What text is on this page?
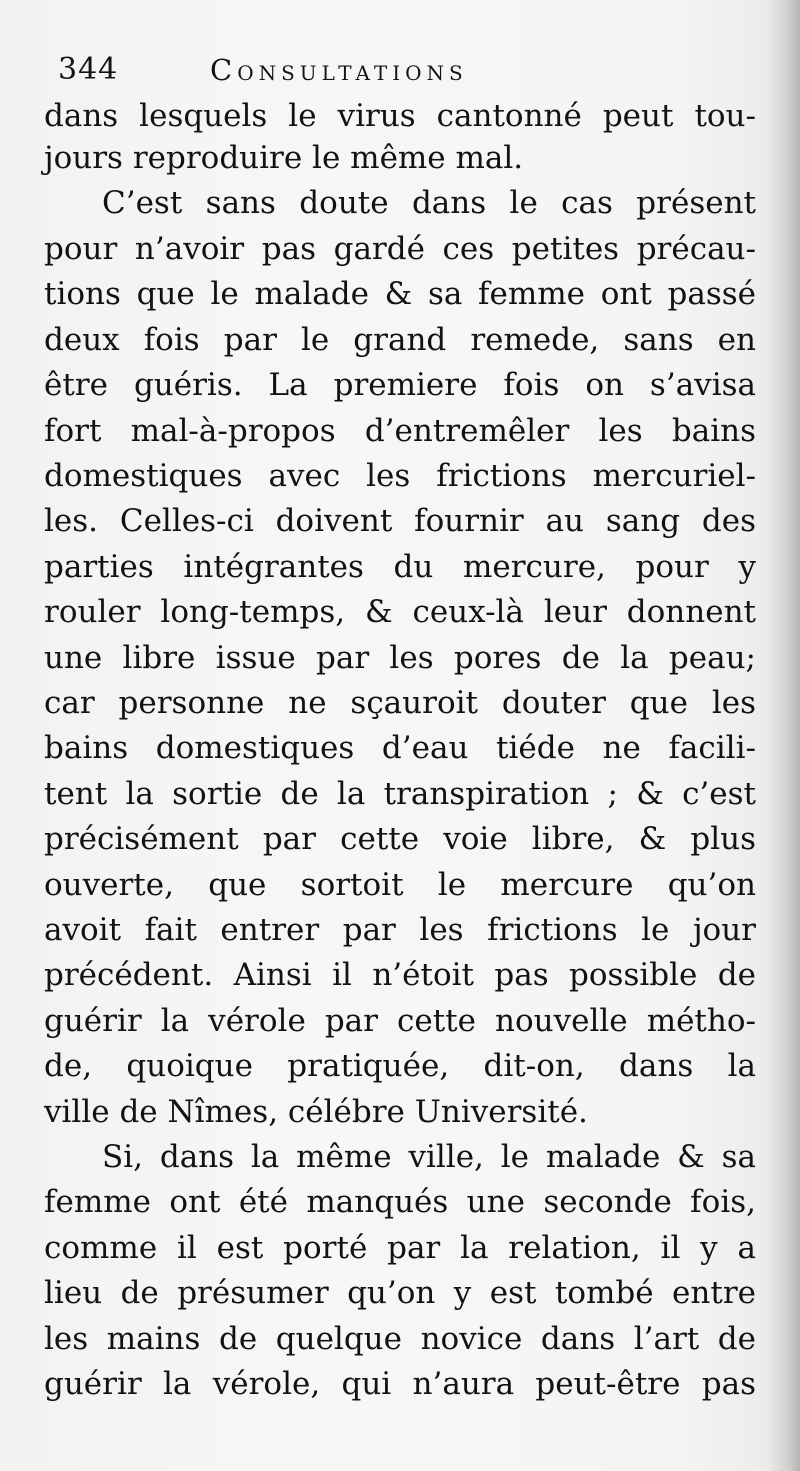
344	Consultations
dans lesquels le virus cantonné peut tou-
jours reproduire le même mal.
C’est sans doute dans le cas présent
pour n’avoir pas gardé ces petites précau-
tions que le malade & sa femme ont passé
deux fois par le grand remede, sans en
être guéris. La premiere fois on s’avisa
fort mal-à-propos d’entremêler les bains
domestiques avec les frictions mercuriel-
les. Celles-ci doivent fournir au sang des
parties intégrantes du mercure, pour y
rouler long-temps, & ceux-là leur donnent
une libre issue par les pores de la peau;
car personne ne sçauroit douter que les
bains domestiques d’eau tiéde ne facili-
tent la sortie de la transpiration ; & c’est
précisément par cette voie libre, & plus
ouverte, que sortoit le mercure qu’on
avoit fait entrer par les frictions le jour
précédent. Ainsi il n’étoit pas possible de
guérir la vérole par cette nouvelle métho-
de, quoique pratiquée, dit-on, dans la
ville de Nîmes, célébre Université.
Si, dans la même ville, le malade & sa
femme ont été manqués une seconde fois,
comme il est porté par la relation, il y a
lieu de présumer qu’on y est tombé entre
les mains de quelque novice dans l’art de
guérir la vérole, qui n’aura peut-être pas
